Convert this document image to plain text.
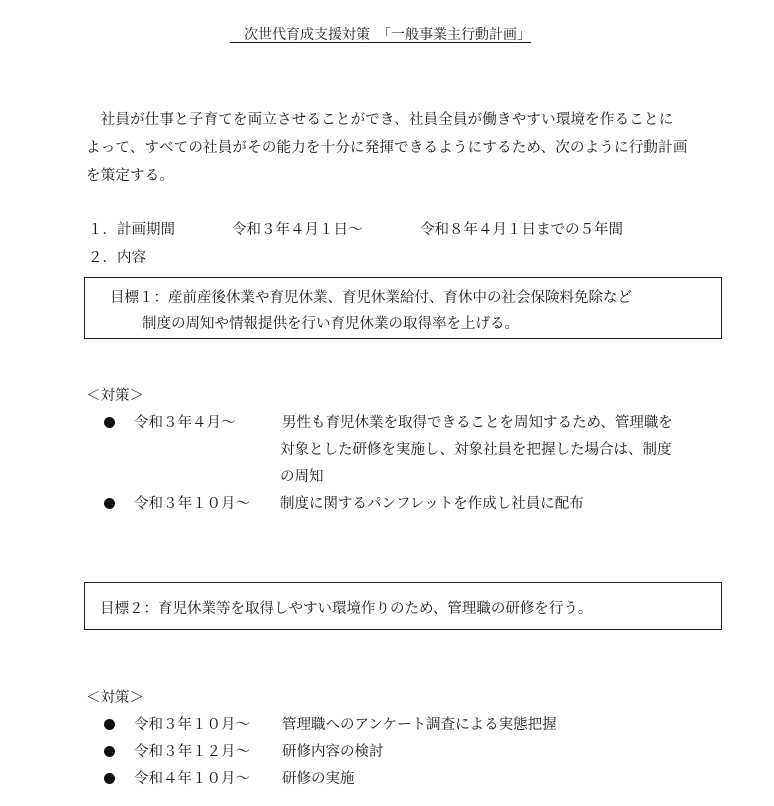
　次世代育成支援対策　「一般事業主行動計画」
　社員が仕事と子育てを両立させることができ、社員全員が働きやすい環境を作ることに
よって、すべての社員がその能力を十分に発揮できるようにするため、次のように行動計画
を策定する。
１．計画期間	令和３年４月１日～	令和８年４月１日までの５年間
２．内容
目標１：産前産後休業や育児休業、育児休業給付、育休中の社会保険料免除など
制度の周知や情報提供を行い育児休業の取得率を上げる。
＜対策＞
令和３年４月～	男性も育児休業を取得できることを周知するため、管理職を
対象とした研修を実施し、対象社員を把握した場合は、制度
の周知
令和３年１０月～ 制度に関するパンフレットを作成し社員に配布
目標２：育児休業等を取得しやすい環境作りのため、管理職の研修を行う。
＜対策＞
令和３年１０月～ 管理職へのアンケート調査による実態把握
令和３年１２月～ 研修内容の検討
令和４年１０月～ 研修の実施
